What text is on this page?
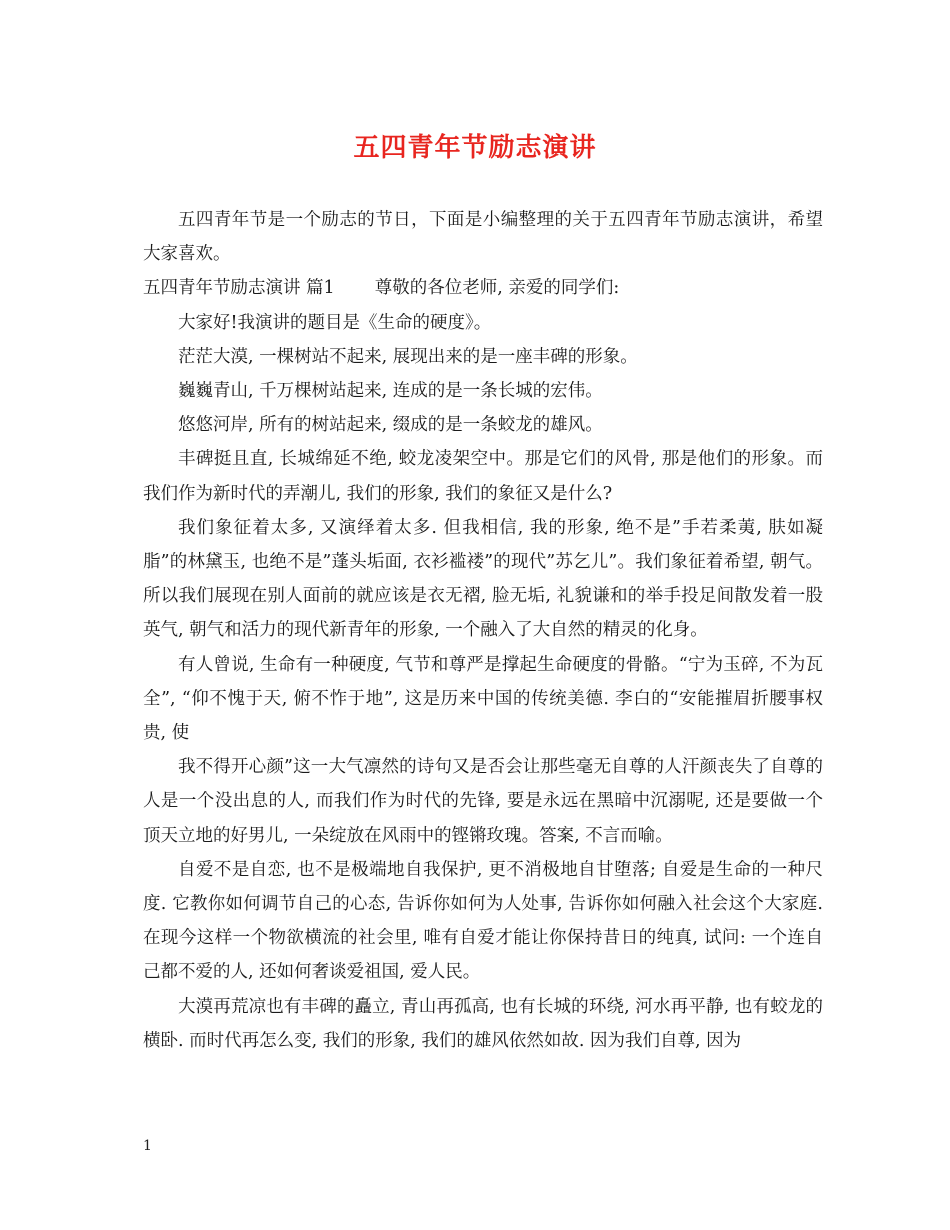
五四青年节励志演讲

五四青年节是一个励志的节日，下面是小编整理的关于五四青年节励志演讲，希望大家喜欢。

五四青年节励志演讲 篇1 尊敬的各位老师, 亲爱的同学们:

大家好!我演讲的题目是《生命的硬度》。

茫茫大漠, 一棵树站不起来, 展现出来的是一座丰碑的形象。

巍巍青山, 千万棵树站起来, 连成的是一条长城的宏伟。

悠悠河岸, 所有的树站起来, 缀成的是一条蛟龙的雄风。

丰碑挺且直, 长城绵延不绝, 蛟龙凌架空中。那是它们的风骨, 那是他们的形象。而我们作为新时代的弄潮儿, 我们的形象, 我们的象征又是什么?

我们象征着太多, 又演绎着太多. 但我相信, 我的形象, 绝不是”手若柔荑, 肤如凝脂”的林黛玉, 也绝不是”蓬头垢面, 衣衫褴褛”的现代”苏乞儿”。我们象征着希望, 朝气。所以我们展现在别人面前的就应该是衣无褶, 脸无垢, 礼貌谦和的举手投足间散发着一股英气, 朝气和活力的现代新青年的形象, 一个融入了大自然的精灵的化身。

有人曾说, 生命有一种硬度, 气节和尊严是撑起生命硬度的骨骼。“宁为玉碎, 不为瓦全”, “仰不愧于天, 俯不怍于地”, 这是历来中国的传统美德. 李白的“安能摧眉折腰事权贵, 使

我不得开心颜”这一大气凛然的诗句又是否会让那些毫无自尊的人汗颜丧失了自尊的人是一个没出息的人, 而我们作为时代的先锋, 要是永远在黑暗中沉溺呢, 还是要做一个顶天立地的好男儿, 一朵绽放在风雨中的铿锵玫瑰。答案, 不言而喻。

自爱不是自恋, 也不是极端地自我保护, 更不消极地自甘堕落; 自爱是生命的一种尺度. 它教你如何调节自己的心态, 告诉你如何为人处事, 告诉你如何融入社会这个大家庭. 在现今这样一个物欲横流的社会里, 唯有自爱才能让你保持昔日的纯真, 试问: 一个连自己都不爱的人, 还如何奢谈爱祖国, 爱人民。

大漠再荒凉也有丰碑的矗立, 青山再孤高, 也有长城的环绕, 河水再平静, 也有蛟龙的横卧. 而时代再怎么变, 我们的形象, 我们的雄风依然如故. 因为我们自尊, 因为

1
